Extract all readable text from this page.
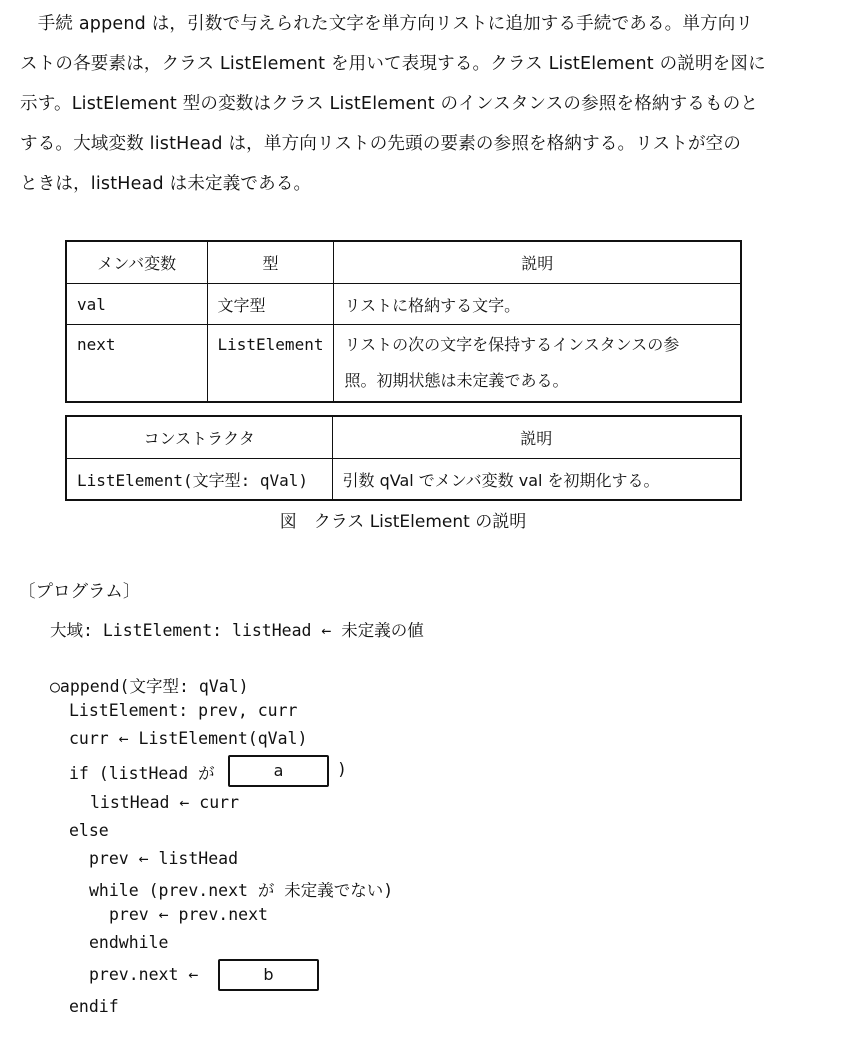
　手続 append は，引数で与えられた文字を単方向リストに追加する手続である。単方向リ
ストの各要素は，クラス ListElement を用いて表現する。クラス ListElement の説明を図に
示す。ListElement 型の変数はクラス ListElement のインスタンスの参照を格納するものと
する。大域変数 listHead は，単方向リストの先頭の要素の参照を格納する。リストが空の
ときは，listHead は未定義である。
メンバ変数	型	説明
val	文字型	リストに格納する文字。
next	ListElement	リストの次の文字を保持するインスタンスの参
照。初期状態は未定義である。
コンストラクタ	説明
ListElement(文字型: qVal)	引数 qVal でメンバ変数 val を初期化する。
図　クラス ListElement の説明
〔プログラム〕
大域: ListElement: listHead ← 未定義の値
○append(文字型: qVal)
ListElement: prev, curr
curr ← ListElement(qVal)
if (listHead が	a	)
listHead ← curr
else
prev ← listHead
while (prev.next が 未定義でない)
prev ← prev.next
endwhile
prev.next ←	b
endif
